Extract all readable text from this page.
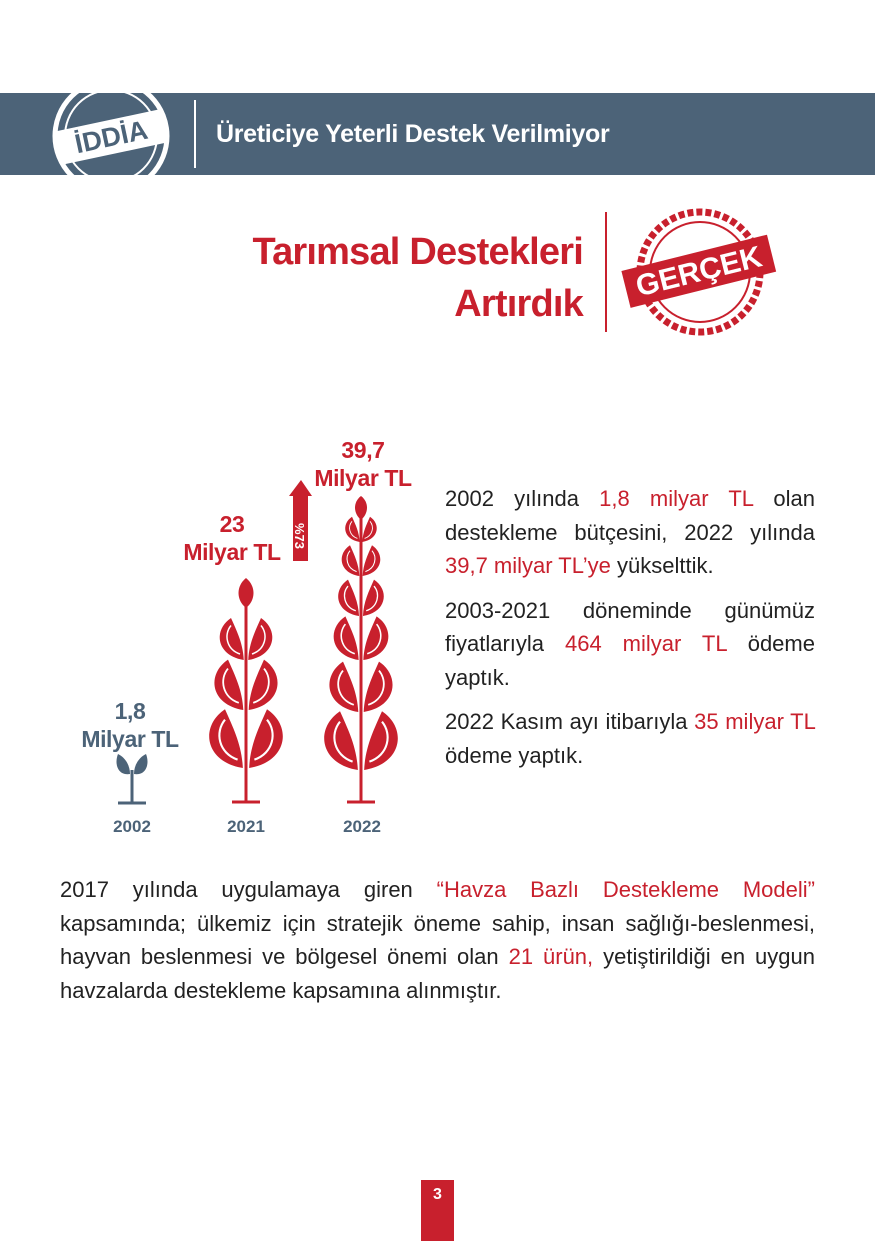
İDDİA	Üreticiye Yeterli Destek Verilmiyor
Tarımsal Destekleri
Artırdık
GERÇEK
%73
1,8
Milyar TL
23
Milyar TL
39,7
Milyar TL
2002	2021	2022

2002 yılında 1,8 milyar TL olan destekleme bütçesini, 2022 yılında 39,7 milyar TL’ye yükselttik.

2003-2021 döneminde günümüz fiyatlarıyla 464 milyar TL ödeme yaptık.

2022 Kasım ayı itibarıyla 35 milyar TL ödeme yaptık.

2017 yılında uygulamaya giren “Havza Bazlı Destekleme Modeli” kapsamında; ülkemiz için stratejik öneme sahip, insan sağlığı-beslenmesi, hayvan beslenmesi ve bölgesel önemi olan 21 ürün, yetiştirildiği en uygun havzalarda destekleme kapsamına alınmıştır.

3
